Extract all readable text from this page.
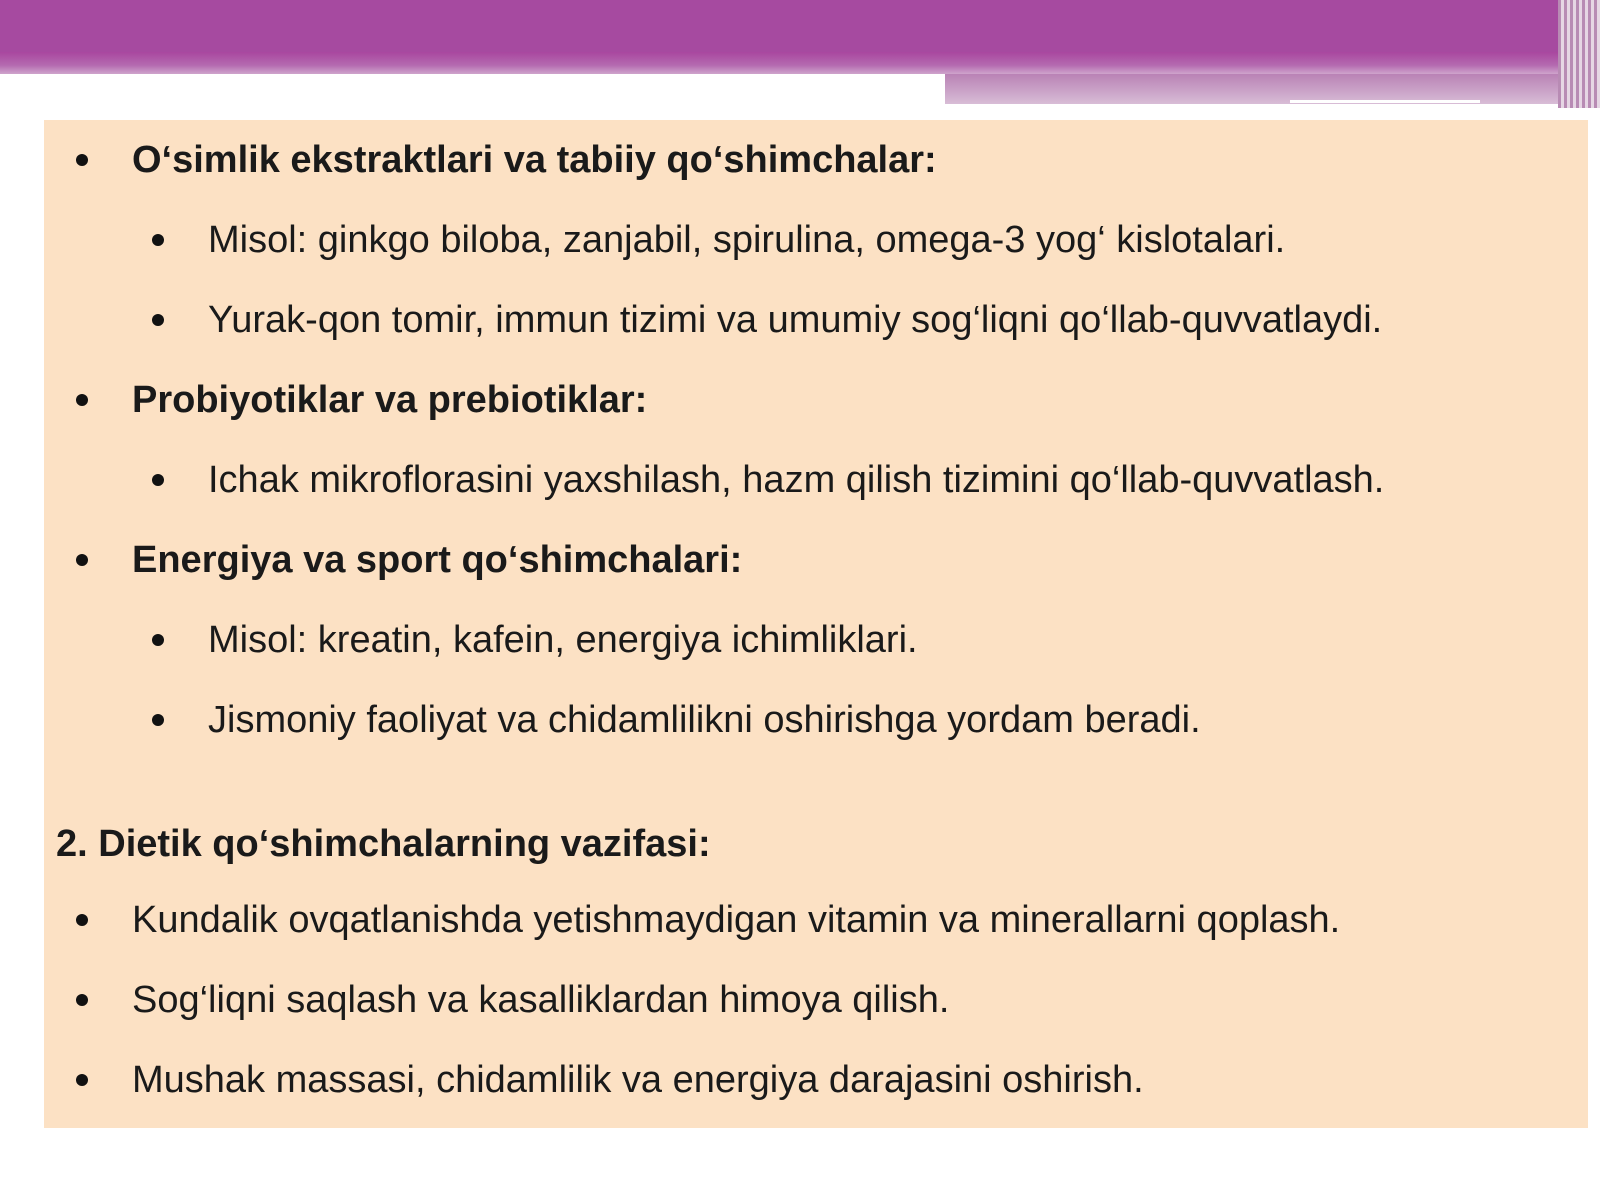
O‘simlik ekstraktlari va tabiiy qo‘shimchalar:
Misol: ginkgo biloba, zanjabil, spirulina, omega-3 yog‘ kislotalari.
Yurak-qon tomir, immun tizimi va umumiy sog‘liqni qo‘llab-quvvatlaydi.
Probiyotiklar va prebiotiklar:
Ichak mikroflorasini yaxshilash, hazm qilish tizimini qo‘llab-quvvatlash.
Energiya va sport qo‘shimchalari:
Misol: kreatin, kafein, energiya ichimliklari.
Jismoniy faoliyat va chidamlilikni oshirishga yordam beradi.
2. Dietik qo‘shimchalarning vazifasi:
Kundalik ovqatlanishda yetishmaydigan vitamin va minerallarni qoplash.
Sog‘liqni saqlash va kasalliklardan himoya qilish.
Mushak massasi, chidamlilik va energiya darajasini oshirish.
